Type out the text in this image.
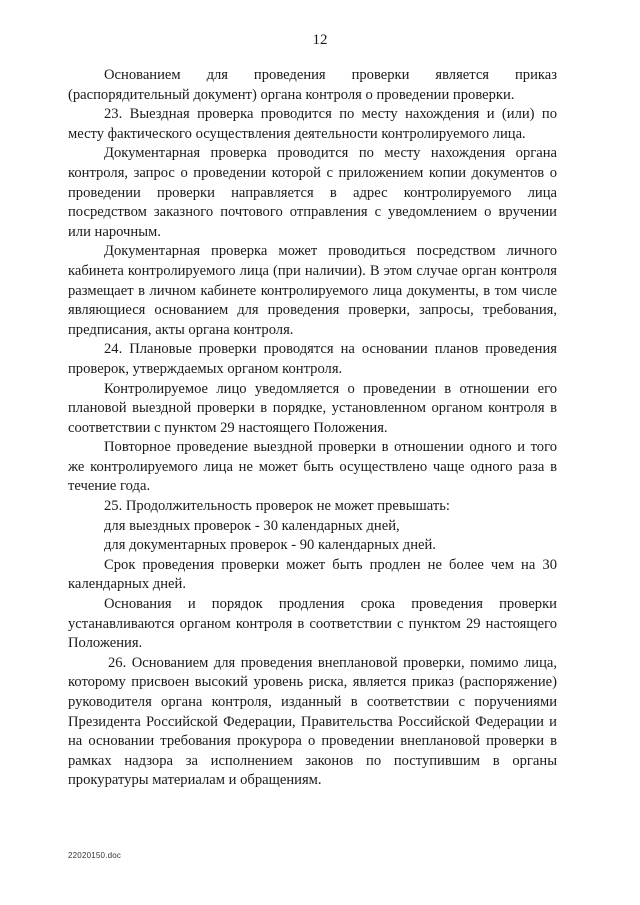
12

Основанием для проведения проверки является приказ (распорядительный документ) органа контроля о проведении проверки.

23. Выездная проверка проводится по месту нахождения и (или) по месту фактического осуществления деятельности контролируемого лица.

Документарная проверка проводится по месту нахождения органа контроля, запрос о проведении которой с приложением копии документов о проведении проверки направляется в адрес контролируемого лица посредством заказного почтового отправления с уведомлением о вручении или нарочным.

Документарная проверка может проводиться посредством личного кабинета контролируемого лица (при наличии). В этом случае орган контроля размещает в личном кабинете контролируемого лица документы, в том числе являющиеся основанием для проведения проверки, запросы, требования, предписания, акты органа контроля.

24. Плановые проверки проводятся на основании планов проведения проверок, утверждаемых органом контроля.

Контролируемое лицо уведомляется о проведении в отношении его плановой выездной проверки в порядке, установленном органом контроля в соответствии с пунктом 29 настоящего Положения.

Повторное проведение выездной проверки в отношении одного и того же контролируемого лица не может быть осуществлено чаще одного раза в течение года.

25. Продолжительность проверок не может превышать:

для выездных проверок - 30 календарных дней,

для документарных проверок - 90 календарных дней.

Срок проведения проверки может быть продлен не более чем на 30 календарных дней.

Основания и порядок продления срока проведения проверки устанавливаются органом контроля в соответствии с пунктом 29 настоящего Положения.

26. Основанием для проведения внеплановой проверки, помимо лица, которому присвоен высокий уровень риска, является приказ (распоряжение) руководителя органа контроля, изданный в соответствии с поручениями Президента Российской Федерации, Правительства Российской Федерации и на основании требования прокурора о проведении внеплановой проверки в рамках надзора за исполнением законов по поступившим в органы прокуратуры материалам и обращениям.

22020150.doc
